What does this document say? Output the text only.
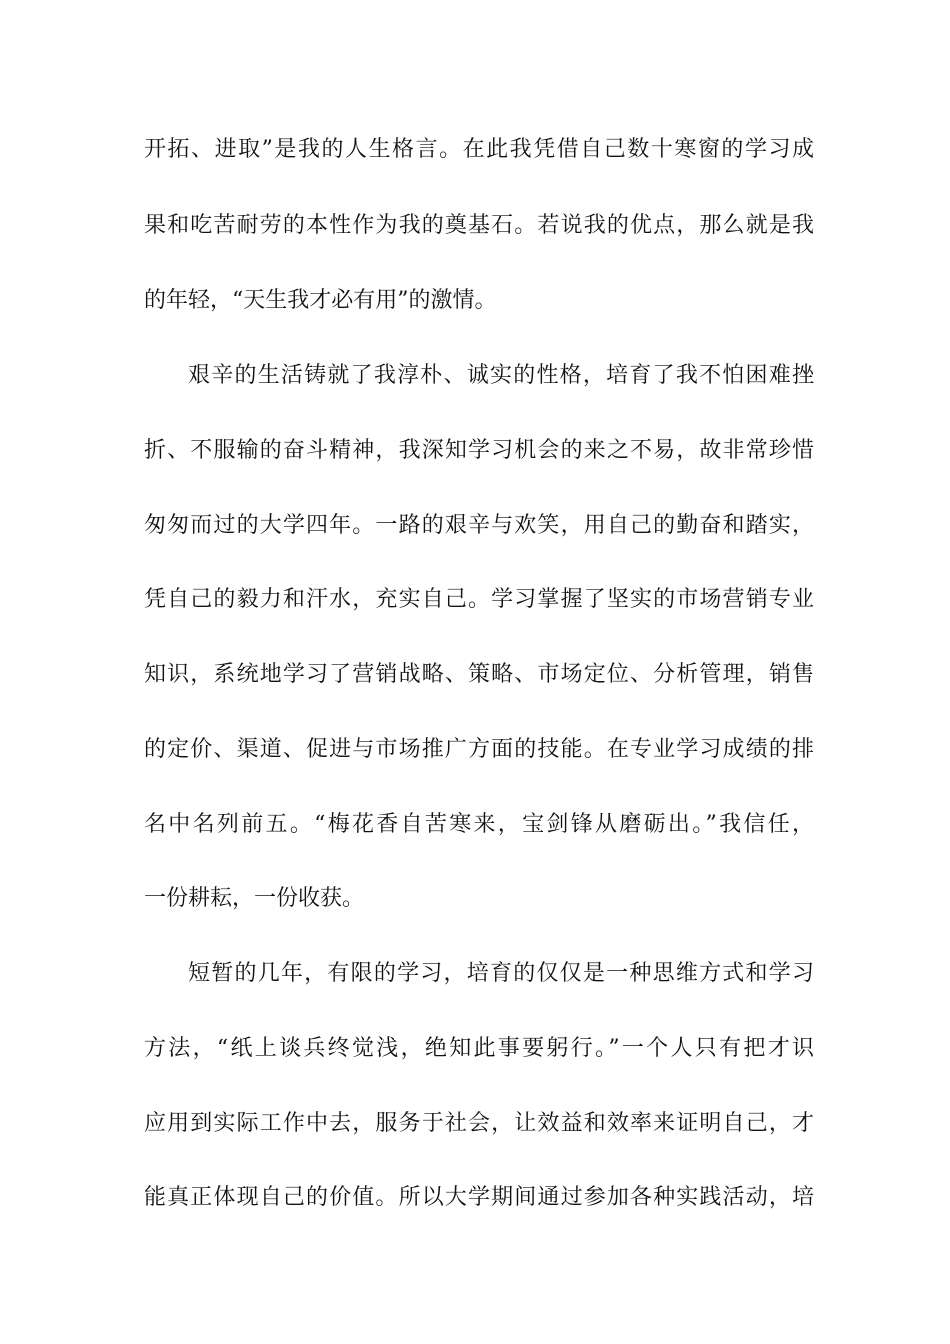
开拓、进取”是我的人生格言。在此我凭借自己数十寒窗的学习成
果和吃苦耐劳的本性作为我的奠基石。若说我的优点，那么就是我
的年轻，“天生我才必有用”的激情。
艰辛的生活铸就了我淳朴、诚实的性格，培育了我不怕困难挫
折、不服输的奋斗精神，我深知学习机会的来之不易，故非常珍惜
匆匆而过的大学四年。一路的艰辛与欢笑，用自己的勤奋和踏实，
凭自己的毅力和汗水，充实自己。学习掌握了坚实的市场营销专业
知识，系统地学习了营销战略、策略、市场定位、分析管理，销售
的定价、渠道、促进与市场推广方面的技能。在专业学习成绩的排
名中名列前五。“梅花香自苦寒来，宝剑锋从磨砺出。”我信任，
一份耕耘，一份收获。
短暂的几年，有限的学习，培育的仅仅是一种思维方式和学习
方法，“纸上谈兵终觉浅，绝知此事要躬行。”一个人只有把才识
应用到实际工作中去，服务于社会，让效益和效率来证明自己，才
能真正体现自己的价值。所以大学期间通过参加各种实践活动，培
